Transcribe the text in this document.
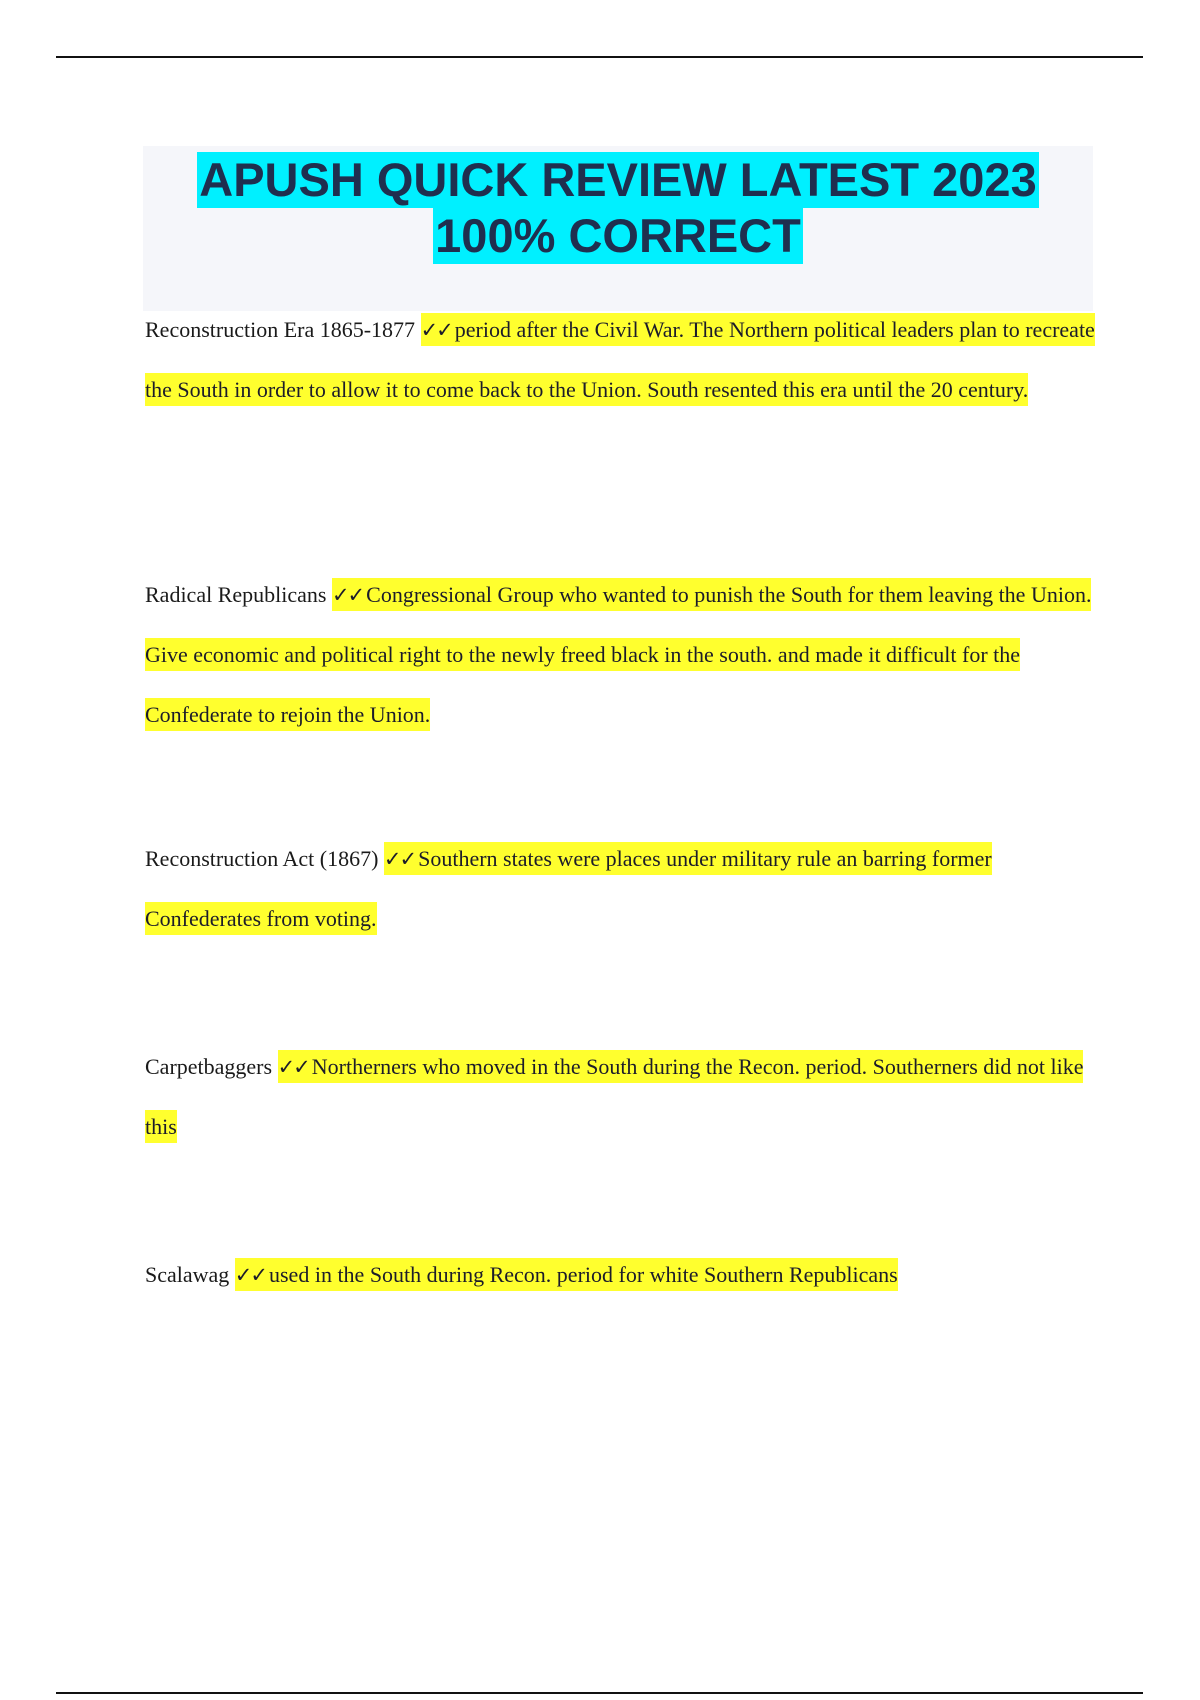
APUSH QUICK REVIEW LATEST 2023
100% CORRECT

Reconstruction Era 1865-1877 ✓✓ period after the Civil War. The Northern political leaders plan to recreate the South in order to allow it to come back to the Union. South resented this era until the 20 century.

Radical Republicans ✓✓ Congressional Group who wanted to punish the South for them leaving the Union. Give economic and political right to the newly freed black in the south. and made it difficult for the Confederate to rejoin the Union.

Reconstruction Act (1867) ✓✓ Southern states were places under military rule an barring former Confederates from voting.

Carpetbaggers ✓✓ Northerners who moved in the South during the Recon. period. Southerners did not like this

Scalawag ✓✓ used in the South during Recon. period for white Southern Republicans
